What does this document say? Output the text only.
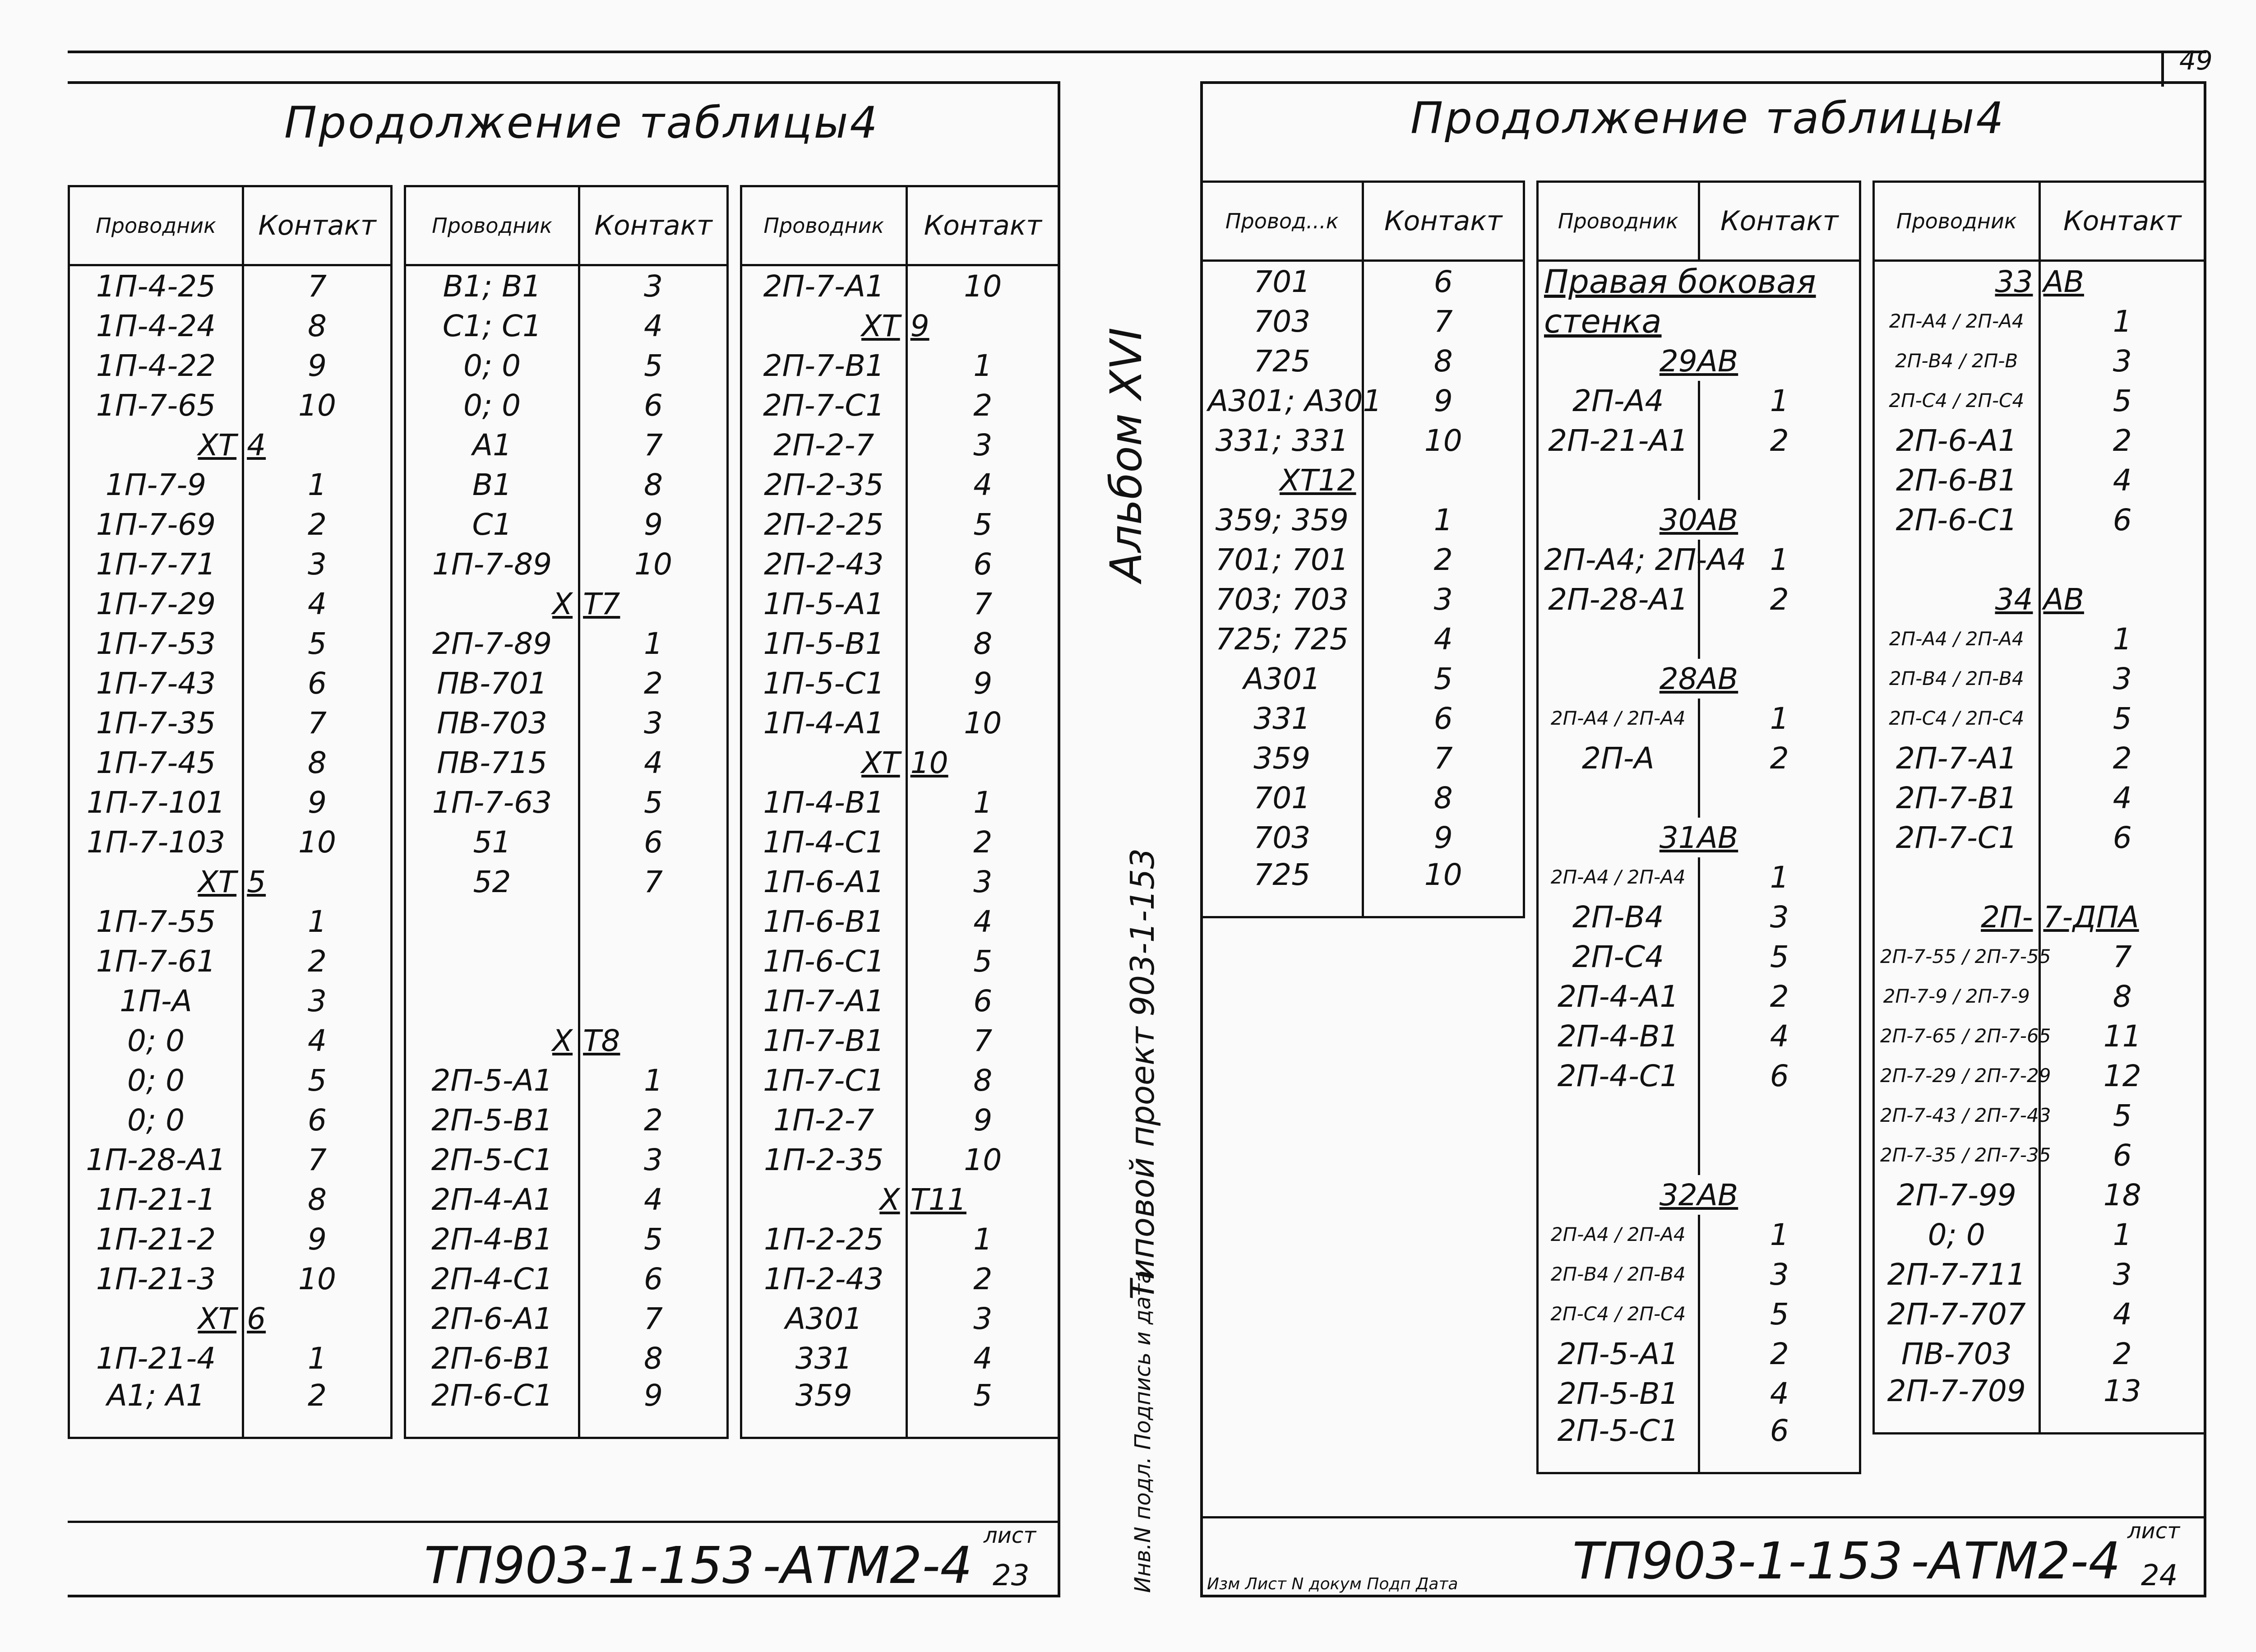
49
Продолжение таблицы4
Проводник	Контакт
1П-4-25	7
1П-4-24	8
1П-4-22	9
1П-7-65	10
XT	4
1П-7-9	1
1П-7-69	2
1П-7-71	3
1П-7-29	4
1П-7-53	5
1П-7-43	6
1П-7-35	7
1П-7-45	8
1П-7-101	9
1П-7-103	10
XT	5
1П-7-55	1
1П-7-61	2
1П-А	3
0; 0	4
0; 0	5
0; 0	6
1П-28-А1	7
1П-21-1	8
1П-21-2	9
1П-21-3	10
XT	6
1П-21-4	1
А1; А1	2
Проводник	Контакт
В1; В1	3
С1; С1	4
0; 0	5
0; 0	6
А1	7
В1	8
С1	9
1П-7-89	10
X	Т7
2П-7-89	1
ПВ-701	2
ПВ-703	3
ПВ-715	4
1П-7-63	5
51	6
52	7

X	Т8
2П-5-А1	1
2П-5-В1	2
2П-5-С1	3
2П-4-А1	4
2П-4-В1	5
2П-4-С1	6
2П-6-А1	7
2П-6-В1	8
2П-6-С1	9
Проводник	Контакт
2П-7-А1	10
XT	9
2П-7-В1	1
2П-7-С1	2
2П-2-7	3
2П-2-35	4
2П-2-25	5
2П-2-43	6
1П-5-А1	7
1П-5-В1	8
1П-5-С1	9
1П-4-А1	10
XT	10
1П-4-В1	1
1П-4-С1	2
1П-6-А1	3
1П-6-В1	4
1П-6-С1	5
1П-7-А1	6
1П-7-В1	7
1П-7-С1	8
1П-2-7	9
1П-2-35	10
X	Т11
1П-2-25	1
1П-2-43	2
А301	3
331	4
359	5
ТП903-1-153 -АТМ2-4
лист
23
Альбом XVI
Типовой проект 903-1-153
Инв.N подл. Подпись и дата
Продолжение таблицы4
Провод...к	Контакт
701	6
703	7
725	8
А301; А301	9
331; 331	10
XT12	
359; 359	1
701; 701	2
703; 703	3
725; 725	4
А301	5
331	6
359	7
701	8
703	9
725	10
Проводник	Контакт
Правая боковая	
стенка	
29АВ	
2П-А4	1
2П-21-А1	2

30АВ	
2П-А4; 2П-А4	1
2П-28-А1	2

28АВ	
2П-А4 / 2П-А4	1
2П-А	2

31АВ	
2П-А4 / 2П-А4	1
2П-В4	3
2П-С4	5
2П-4-А1	2
2П-4-В1	4
2П-4-С1	6

32АВ	
2П-А4 / 2П-А4	1
2П-В4 / 2П-В4	3
2П-С4 / 2П-С4	5
2П-5-А1	2
2П-5-В1	4
2П-5-С1	6
Проводник	Контакт
33	АВ
2П-А4 / 2П-А4	1
2П-В4 / 2П-В	3
2П-С4 / 2П-С4	5
2П-6-А1	2
2П-6-В1	4
2П-6-С1	6

34	АВ
2П-А4 / 2П-А4	1
2П-В4 / 2П-В4	3
2П-С4 / 2П-С4	5
2П-7-А1	2
2П-7-В1	4
2П-7-С1	6

2П-	7-ДПА
2П-7-55 / 2П-7-55	7
2П-7-9 / 2П-7-9	8
2П-7-65 / 2П-7-65	11
2П-7-29 / 2П-7-29	12
2П-7-43 / 2П-7-43	5
2П-7-35 / 2П-7-35	6
2П-7-99	18
0; 0	1
2П-7-711	3
2П-7-707	4
ПВ-703	2
2П-7-709	13
ТП903-1-153 -АТМ2-4
лист
24
Изм Лист N докум Подп Дата
